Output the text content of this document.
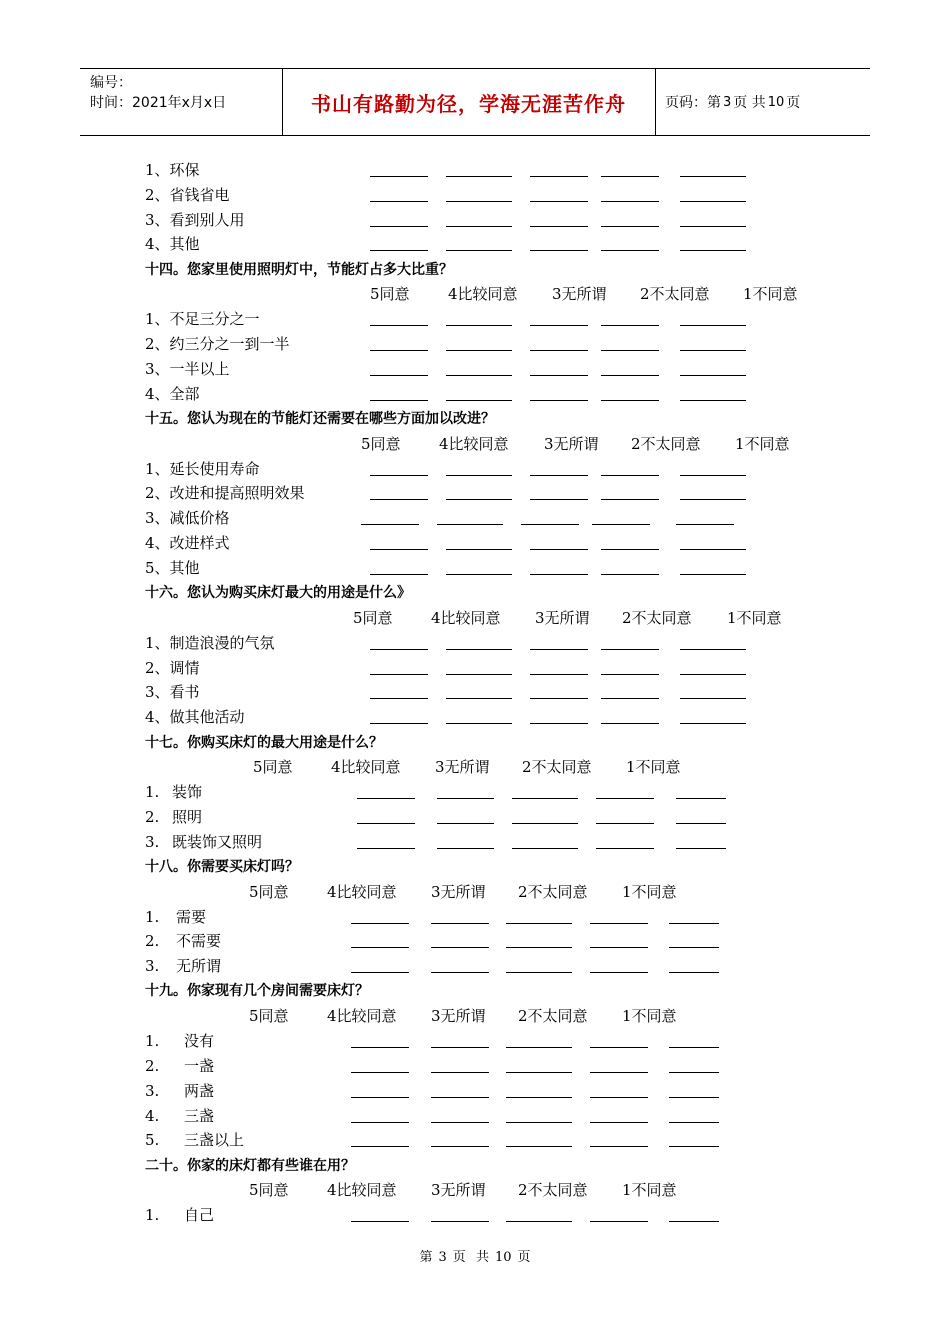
编号：
时间：2021年x月x日	书山有路勤为径，学海无涯苦作舟	页码：第 3 页 共 10 页
1、环保
2、省钱省电
3、看到别人用
4、其他
十四。您家里使用照明灯中，节能灯占多大比重？
5同意	4比较同意 3无所谓 2不太同意 1不同意
1、不足三分之一
2、约三分之一到一半
3、一半以上
4、全部
十五。您认为现在的节能灯还需要在哪些方面加以改进？
5同意	4比较同意 3无所谓 2不太同意 1不同意
1、延长使用寿命
2、改进和提高照明效果
3、减低价格
4、改进样式
5、其他
十六。您认为购买床灯最大的用途是什么》
5同意	4比较同意 3无所谓 2不太同意 1不同意
1、制造浪漫的气氛
2、调情
3、看书
4、做其他活动
十七。你购买床灯的最大用途是什么？
5同意	4比较同意 3无所谓 2不太同意 1不同意
1. 装饰
2. 照明
3. 既装饰又照明
十八。你需要买床灯吗？
5同意	4比较同意 3无所谓 2不太同意 1不同意
1. 需要
2. 不需要
3. 无所谓
十九。你家现有几个房间需要床灯？
5同意	4比较同意 3无所谓 2不太同意 1不同意
1. 没有
2. 一盏
3. 两盏
4. 三盏
5. 三盏以上
二十。你家的床灯都有些谁在用？
5同意	4比较同意 3无所谓 2不太同意 1不同意
1. 自己
第 3 页 共 10 页
